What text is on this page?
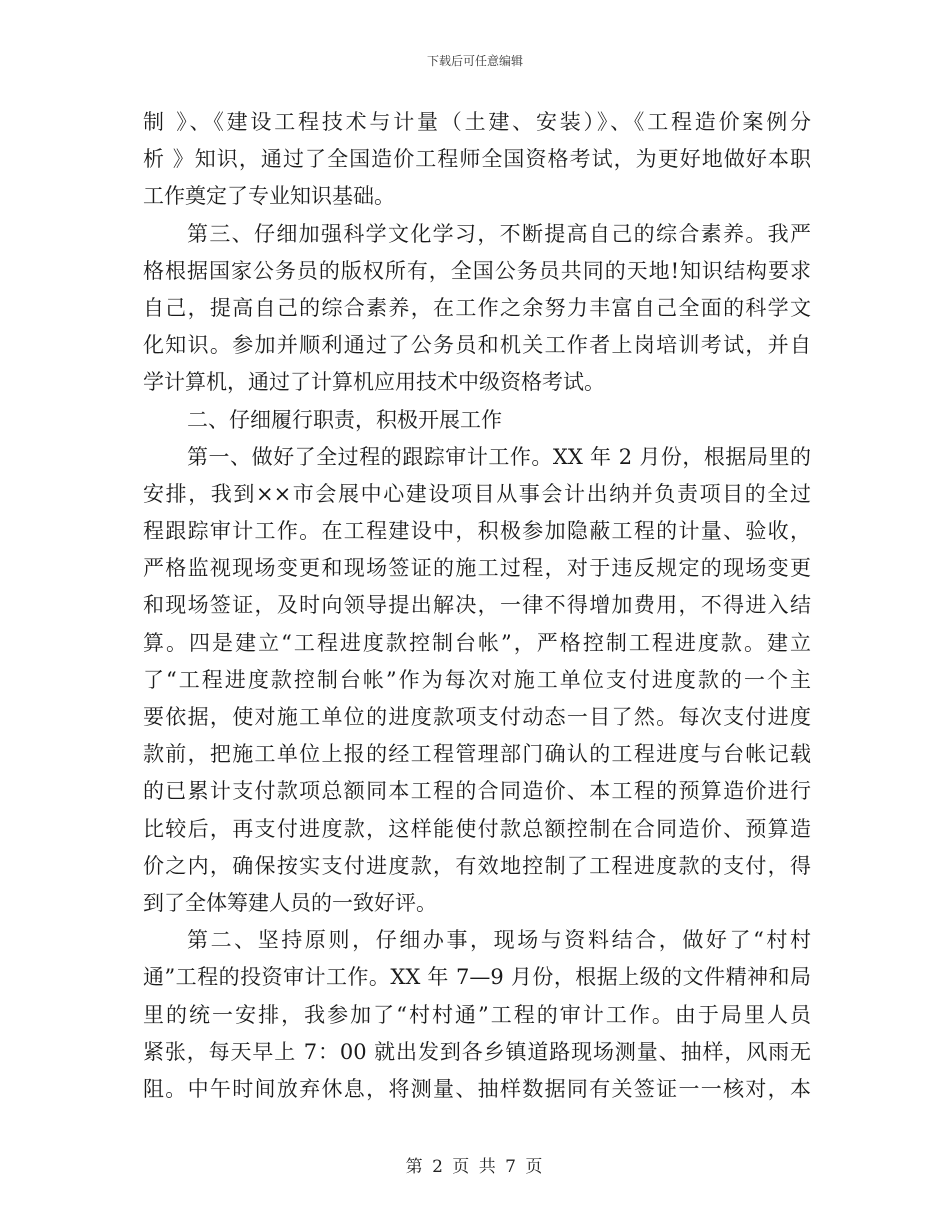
下载后可任意编辑
制 》、《建设工程技术与计量（土建、安装）》、《工程造价案例分
析 》知识，通过了全国造价工程师全国资格考试，为更好地做好本职
工作奠定了专业知识基础。
第三、仔细加强科学文化学习，不断提高自己的综合素养。我严
格根据国家公务员的版权所有，全国公务员共同的天地!知识结构要求
自己，提高自己的综合素养，在工作之余努力丰富自己全面的科学文
化知识。参加并顺利通过了公务员和机关工作者上岗培训考试，并自
学计算机，通过了计算机应用技术中级资格考试。
二、仔细履行职责，积极开展工作
第一、做好了全过程的跟踪审计工作。XX 年 2 月份，根据局里的
安排，我到××市会展中心建设项目从事会计出纳并负责项目的全过
程跟踪审计工作。在工程建设中，积极参加隐蔽工程的计量、验收，
严格监视现场变更和现场签证的施工过程，对于违反规定的现场变更
和现场签证，及时向领导提出解决，一律不得增加费用，不得进入结
算。四是建立“工程进度款控制台帐”，严格控制工程进度款。建立
了“工程进度款控制台帐”作为每次对施工单位支付进度款的一个主
要依据，使对施工单位的进度款项支付动态一目了然。每次支付进度
款前，把施工单位上报的经工程管理部门确认的工程进度与台帐记载
的已累计支付款项总额同本工程的合同造价、本工程的预算造价进行
比较后，再支付进度款，这样能使付款总额控制在合同造价、预算造
价之内，确保按实支付进度款，有效地控制了工程进度款的支付，得
到了全体筹建人员的一致好评。
第二、坚持原则，仔细办事，现场与资料结合，做好了“村村
通”工程的投资审计工作。XX 年 7—9 月份，根据上级的文件精神和局
里的统一安排，我参加了“村村通”工程的审计工作。由于局里人员
紧张，每天早上 7：00 就出发到各乡镇道路现场测量、抽样，风雨无
阻。中午时间放弃休息，将测量、抽样数据同有关签证一一核对，本
第 2 页 共 7 页
